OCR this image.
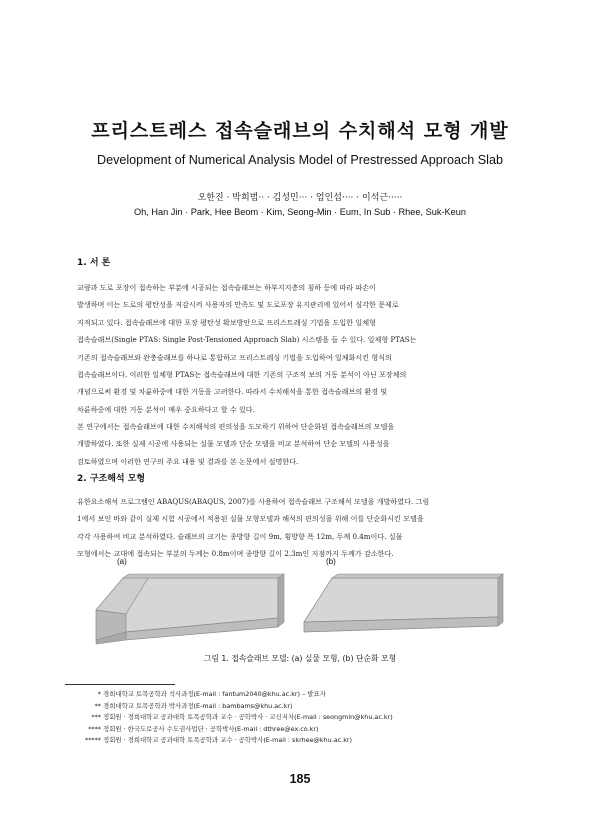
프리스트레스 접속슬래브의 수치해석 모형 개발
Development of Numerical Analysis Model of Prestressed Approach Slab
오한진 · 박희범·· · 김성민··· · 엄인섭···· · 이석근·····
Oh, Han Jin · Park, Hee Beom · Kim, Seong-Min · Eum, In Sub · Rhee, Suk-Keun
1. 서 론
교량과 도로 포장이 접속하는 부분에 시공되는 접속슬래브는 하부지지층의 침하 등에 따라 파손이
발생하며 이는 도로의 평탄성을 저감시켜 사용자의 만족도 및 도로포장 유지관리에 있어서 심각한 문제로
지적되고 있다. 접속슬래브에 대한 포장 평탄성 확보방안으로 프리스트레싱 기법을 도입한 일체형
접속슬래브(Single PTAS: Single Post-Tensioned Approach Slab) 시스템을 들 수 있다. 일체형 PTAS는
기존의 접속슬래브와 완충슬래브를 하나로 통합하고 프리스트레싱 기법을 도입하여 일체화시킨 형식의
접속슬래브이다. 이러한 일체형 PTAS는 접속슬래브에 대한 기존의 구조적 보의 거동 분석이 아닌 포장체의
개념으로써 환경 및 차륜하중에 대한 거동을 고려한다. 따라서 수치해석을 통한 접속슬래브의 환경 및
차륜하중에 대한 거동 분석이 매우 중요하다고 할 수 있다.
본 연구에서는 접속슬래브에 대한 수치해석의 편의성을 도모하기 위하여 단순화된 접속슬래브의 모델을
개발하였다. 또한 실제 시공에 사용되는 실물 모델과 단순 모델을 비교 분석하여 단순 모델의 사용성을
검토하였으며 이러한 연구의 주요 내용 및 결과를 본 논문에서 설명한다.
2. 구조해석 모형
유한요소해석 프로그램인 ABAQUS(ABAQUS, 2007)를 사용하여 접속슬래브 구조해석 모델을 개발하였다. 그림
1에서 보인 바와 같이 실제 시험 시공에서 적용된 실물 모형모델과 해석의 편의성을 위해 이를 단순화시킨 모델을
각각 사용하여 비교 분석하였다. 슬래브의 크기는 종방향 길이 9m, 횡방향 폭 12m, 두께 0.4m이다. 실물
모형에서는 교대에 접속되는 부분의 두께는 0.8m이며 종방향 길이 2.3m인 지점까지 두께가 감소한다.
(a)	(b)
그림 1. 접속슬래브 모델: (a) 실물 모형, (b) 단순화 모형
* 경희대학교 토목공학과 석사과정(E-mail : fantum2040@khu.ac.kr) – 발표자
** 경희대학교 토목공학과 박사과정(E-mail : bambams@khu.ac.kr)
*** 정회원 · 경희대학교 공과대학 토목공학과 교수 · 공학박사 · 교신저자(E-mail : seongmin@khu.ac.kr)
**** 정회원 · 한국도로공사 수도권사업단 · 공학박사(E-mail : dthree@ex.co.kr)
***** 정회원 · 경희대학교 공과대학 토목공학과 교수 · 공학박사(E-mail : skrhee@khu.ac.kr)
185
